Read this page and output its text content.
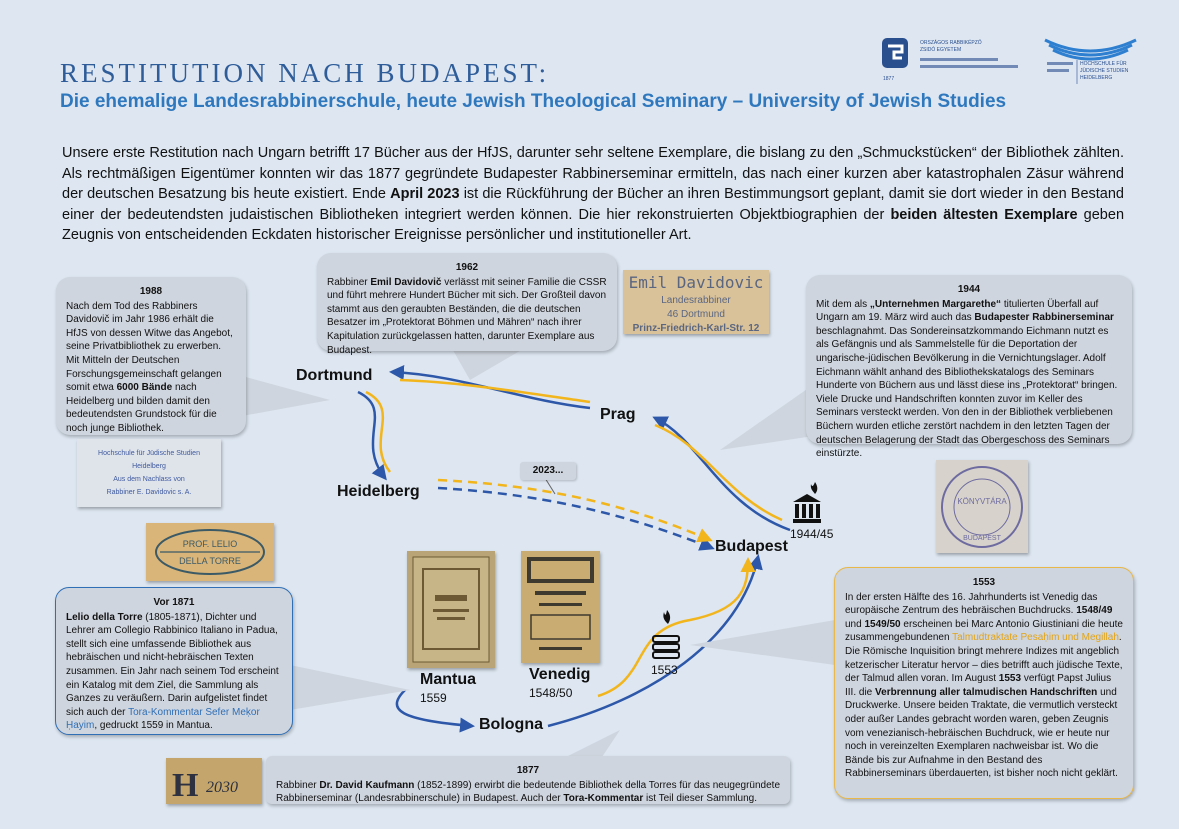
1877
ORSZÁGOS RABBIKÉPZŐ
ZSIDÓ EGYETEM
HOCHSCHULE FÜR
JÜDISCHE STUDIEN
HEIDELBERG
RESTITUTION NACH BUDAPEST:
Die ehemalige Landesrabbinerschule, heute Jewish Theological Seminary – University of Jewish Studies

Unsere erste Restitution nach Ungarn betrifft 17 Bücher aus der HfJS, darunter sehr seltene Exemplare, die bislang zu den „Schmuckstücken“ der Bibliothek zählten. Als rechtmäßigen Eigentümer konnten wir das 1877 gegründete Budapester Rabbinerseminar ermitteln, das nach einer kurzen aber katastrophalen Zäsur während der deutschen Besatzung bis heute existiert. Ende April 2023 ist die Rückführung der Bücher an ihren Bestimmungsort geplant, damit sie dort wieder in den Bestand einer der bedeutendsten judaistischen Bibliotheken integriert werden können. Die hier rekonstruierten Objektbiographien der beiden ältesten Exemplare geben Zeugnis von entscheidenden Eckdaten historischer Ereignisse persönlicher und institutioneller Art.

1988

Nach dem Tod des Rabbiners Davidovič im Jahr 1986 erhält die HfJS von dessen Witwe das Angebot, seine Privatbibliothek zu erwerben. Mit Mitteln der Deutschen Forschungsgemeinschaft gelangen somit etwa 6000 Bände nach Heidelberg und bilden damit den bedeutendsten Grundstock für die noch junge Bibliothek.

1962

Rabbiner Emil Davidovič verlässt mit seiner Familie die CSSR und führt mehrere Hundert Bücher mit sich. Der Großteil davon stammt aus den geraubten Beständen, die die deutschen Besatzer im „Protektorat Böhmen und Mähren“ nach ihrer Kapitulation zurückgelassen hatten, darunter Exemplare aus Budapest.

1944

Mit dem als „Unternehmen Margarethe“ titulierten Überfall auf Ungarn am 19. März wird auch das Budapester Rabbinerseminar beschlagnahmt. Das Sondereinsatzkommando Eichmann nutzt es als Gefängnis und als Sammelstelle für die Deportation der ungarische-jüdischen Bevölkerung in die Vernichtungslager. Adolf Eichmann wählt anhand des Bibliothekskatalogs des Seminars Hunderte von Büchern aus und lässt diese ins „Protektorat“ bringen. Viele Drucke und Handschriften konnten zuvor im Keller des Seminars versteckt werden. Von den in der Bibliothek verbliebenen Büchern wurden etliche zerstört nachdem in den letzten Tagen der deutschen Belagerung der Stadt das Obergeschoss des Seminars einstürzte.

Vor 1871

Lelio della Torre (1805-1871), Dichter und Lehrer am Collegio Rabbinico Italiano in Padua, stellt sich eine umfassende Bibliothek aus hebräischen und nicht-hebräischen Texten zusammen. Ein Jahr nach seinem Tod erscheint ein Katalog mit dem Ziel, die Sammlung als Ganzes zu veräußern. Darin aufgelistet findet sich auch der Tora-Kommentar Sefer Meḳor Ḥayim, gedruckt 1559 in Mantua.

1553

In der ersten Hälfte des 16. Jahrhunderts ist Venedig das europäische Zentrum des hebräischen Buchdrucks. 1548/49 und 1549/50 erscheinen bei Marc Antonio Giustiniani die heute zusammengebundenen Talmudtraktate Pesaḥim und Megillah. Die Römische Inquisition bringt mehrere Indizes mit angeblich ketzerischer Literatur hervor – dies betrifft auch jüdische Texte, der Talmud allen voran. Im August 1553 verfügt Papst Julius III. die Verbrennung aller talmudischen Handschriften und Druckwerke. Unsere beiden Traktate, die vermutlich versteckt oder außer Landes gebracht worden waren, geben Zeugnis vom venezianisch-hebräischen Buchdruck, wie er heute nur noch in vereinzelten Exemplaren nachweisbar ist. Wo die Bände bis zur Aufnahme in den Bestand des Rabbinerseminars überdauerten, ist bisher noch nicht geklärt.

1877

Rabbiner Dr. David Kaufmann (1852-1899) erwirbt die bedeutende Bibliothek della Torres für das neugegründete Rabbinerseminar (Landesrabbinerschule) in Budapest. Auch der Tora-Kommentar ist Teil dieser Sammlung.

Dortmund
Prag
Heidelberg
Budapest
Mantua
1559
Venedig
1548/50
Bologna
1553
1944/45
2023...
Emil Davidovic
Landesrabbiner
46 Dortmund
Prinz-Friedrich-Karl-Str. 12
Hochschule für Jüdische Studien
Heidelberg
Aus dem Nachlass von
Rabbiner E. Davidovic s. A.
PROF. LELIO
DELLA TORRE
KÖNYVTÁRA
BUDAPEST
H 2030
